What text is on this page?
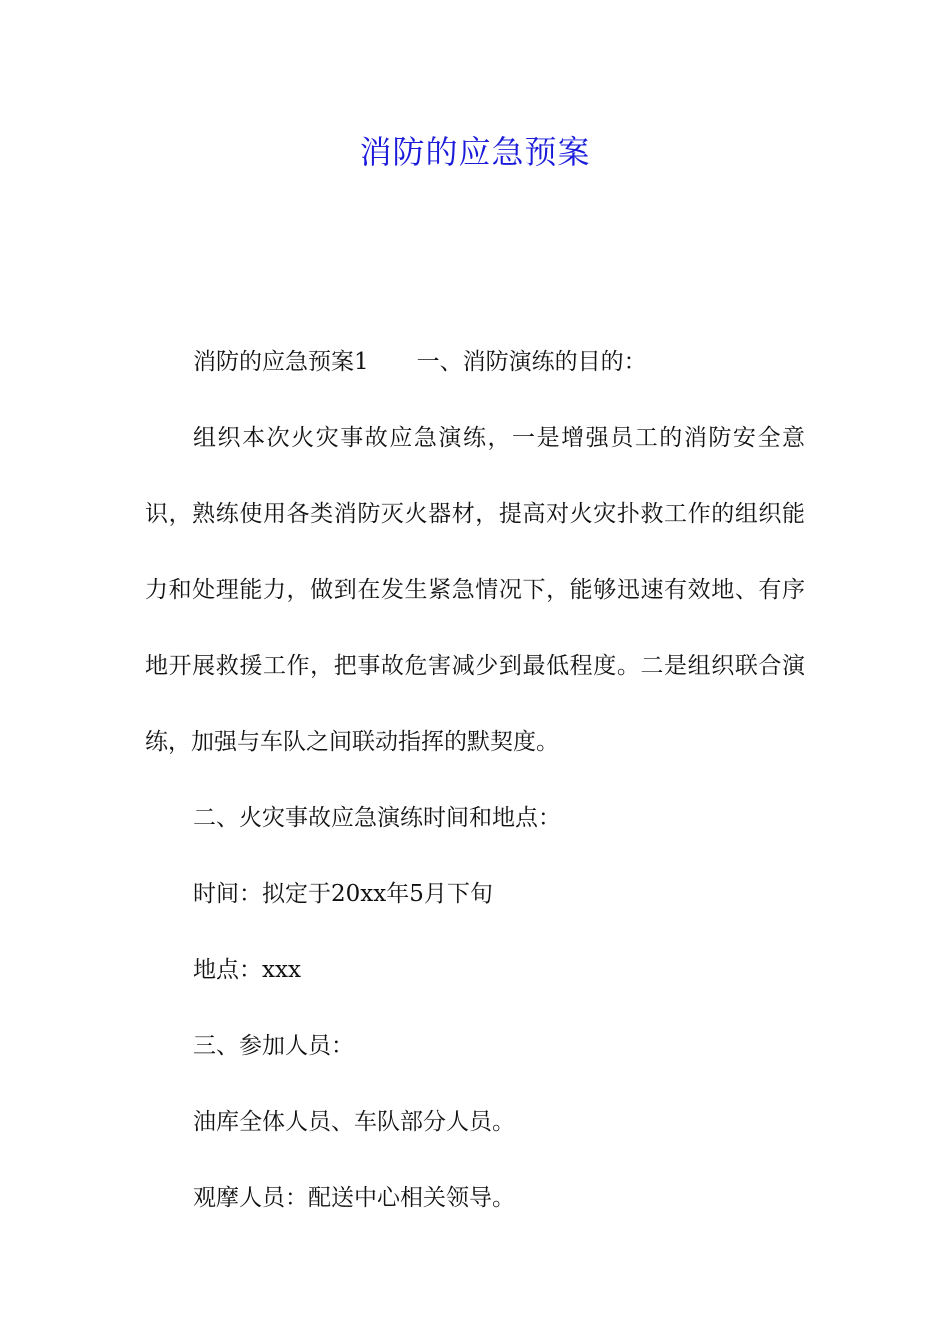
消防的应急预案

消防的应急预案1 一、消防演练的目的：

组织本次火灾事故应急演练，一是增强员工的消防安全意识，熟练使用各类消防灭火器材，提高对火灾扑救工作的组织能力和处理能力，做到在发生紧急情况下，能够迅速有效地、有序地开展救援工作，把事故危害减少到最低程度。二是组织联合演练，加强与车队之间联动指挥的默契度。

二、火灾事故应急演练时间和地点：

时间：拟定于20xx年5月下旬

地点：xxx

三、参加人员：

油库全体人员、车队部分人员。

观摩人员：配送中心相关领导。
